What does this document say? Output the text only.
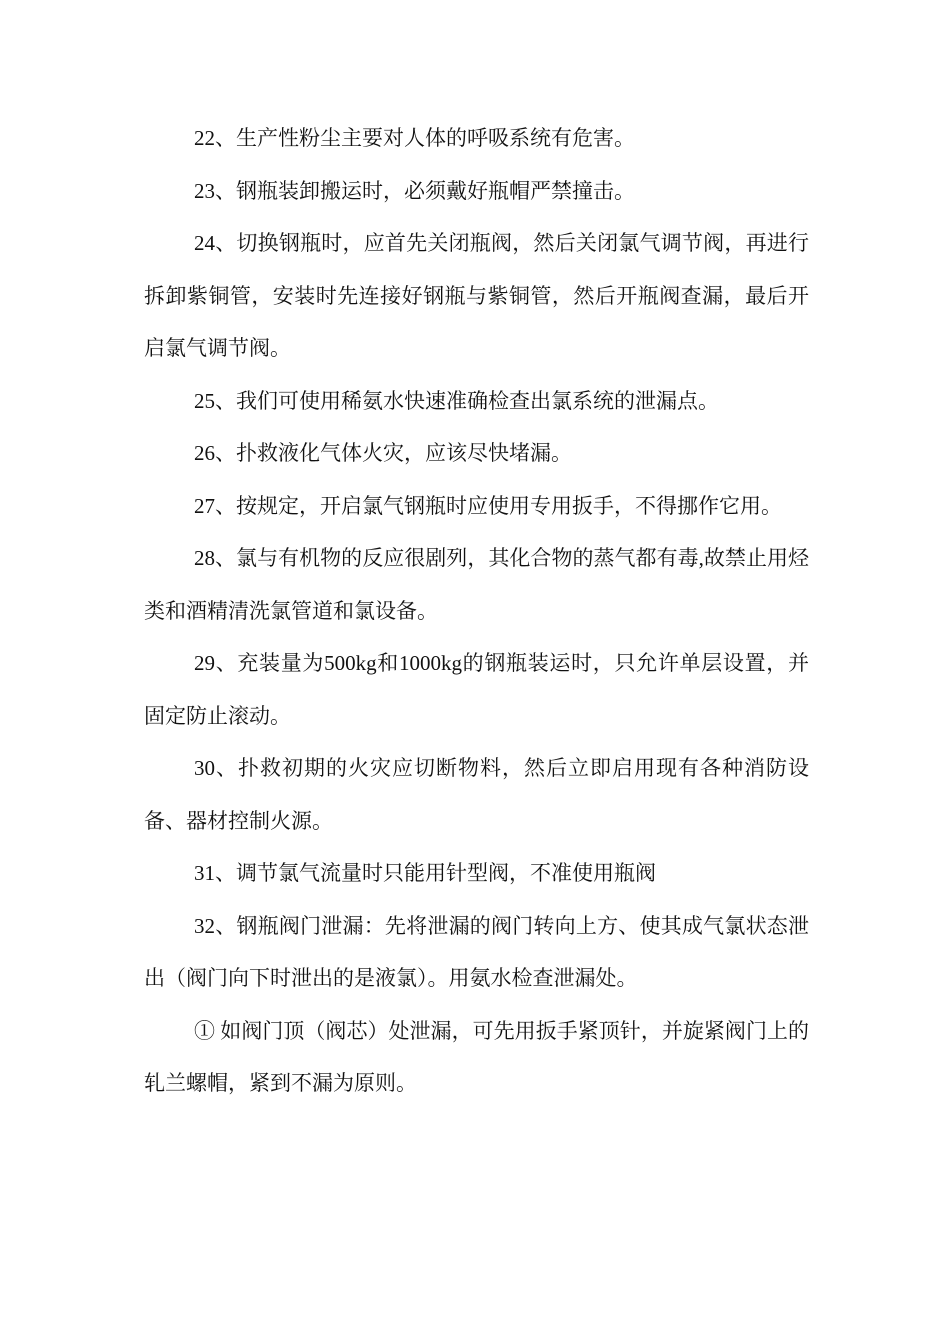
22、生产性粉尘主要对人体的呼吸系统有危害。

23、钢瓶装卸搬运时，必须戴好瓶帽严禁撞击。

24、切换钢瓶时，应首先关闭瓶阀，然后关闭氯气调节阀，再进行拆卸紫铜管，安装时先连接好钢瓶与紫铜管，然后开瓶阀查漏，最后开启氯气调节阀。

25、我们可使用稀氨水快速准确检查出氯系统的泄漏点。

26、扑救液化气体火灾，应该尽快堵漏。

27、按规定，开启氯气钢瓶时应使用专用扳手，不得挪作它用。

28、氯与有机物的反应很剧列，其化合物的蒸气都有毒,故禁止用烃类和酒精清洗氯管道和氯设备。

29、充装量为500kg和1000kg的钢瓶装运时，只允许单层设置，并固定防止滚动。

30、扑救初期的火灾应切断物料，然后立即启用现有各种消防设备、器材控制火源。

31、调节氯气流量时只能用针型阀，不准使用瓶阀

32、钢瓶阀门泄漏：先将泄漏的阀门转向上方、使其成气氯状态泄出（阀门向下时泄出的是液氯）。用氨水检查泄漏处。

① 如阀门顶（阀芯）处泄漏，可先用扳手紧顶针，并旋紧阀门上的轧兰螺帽，紧到不漏为原则。
